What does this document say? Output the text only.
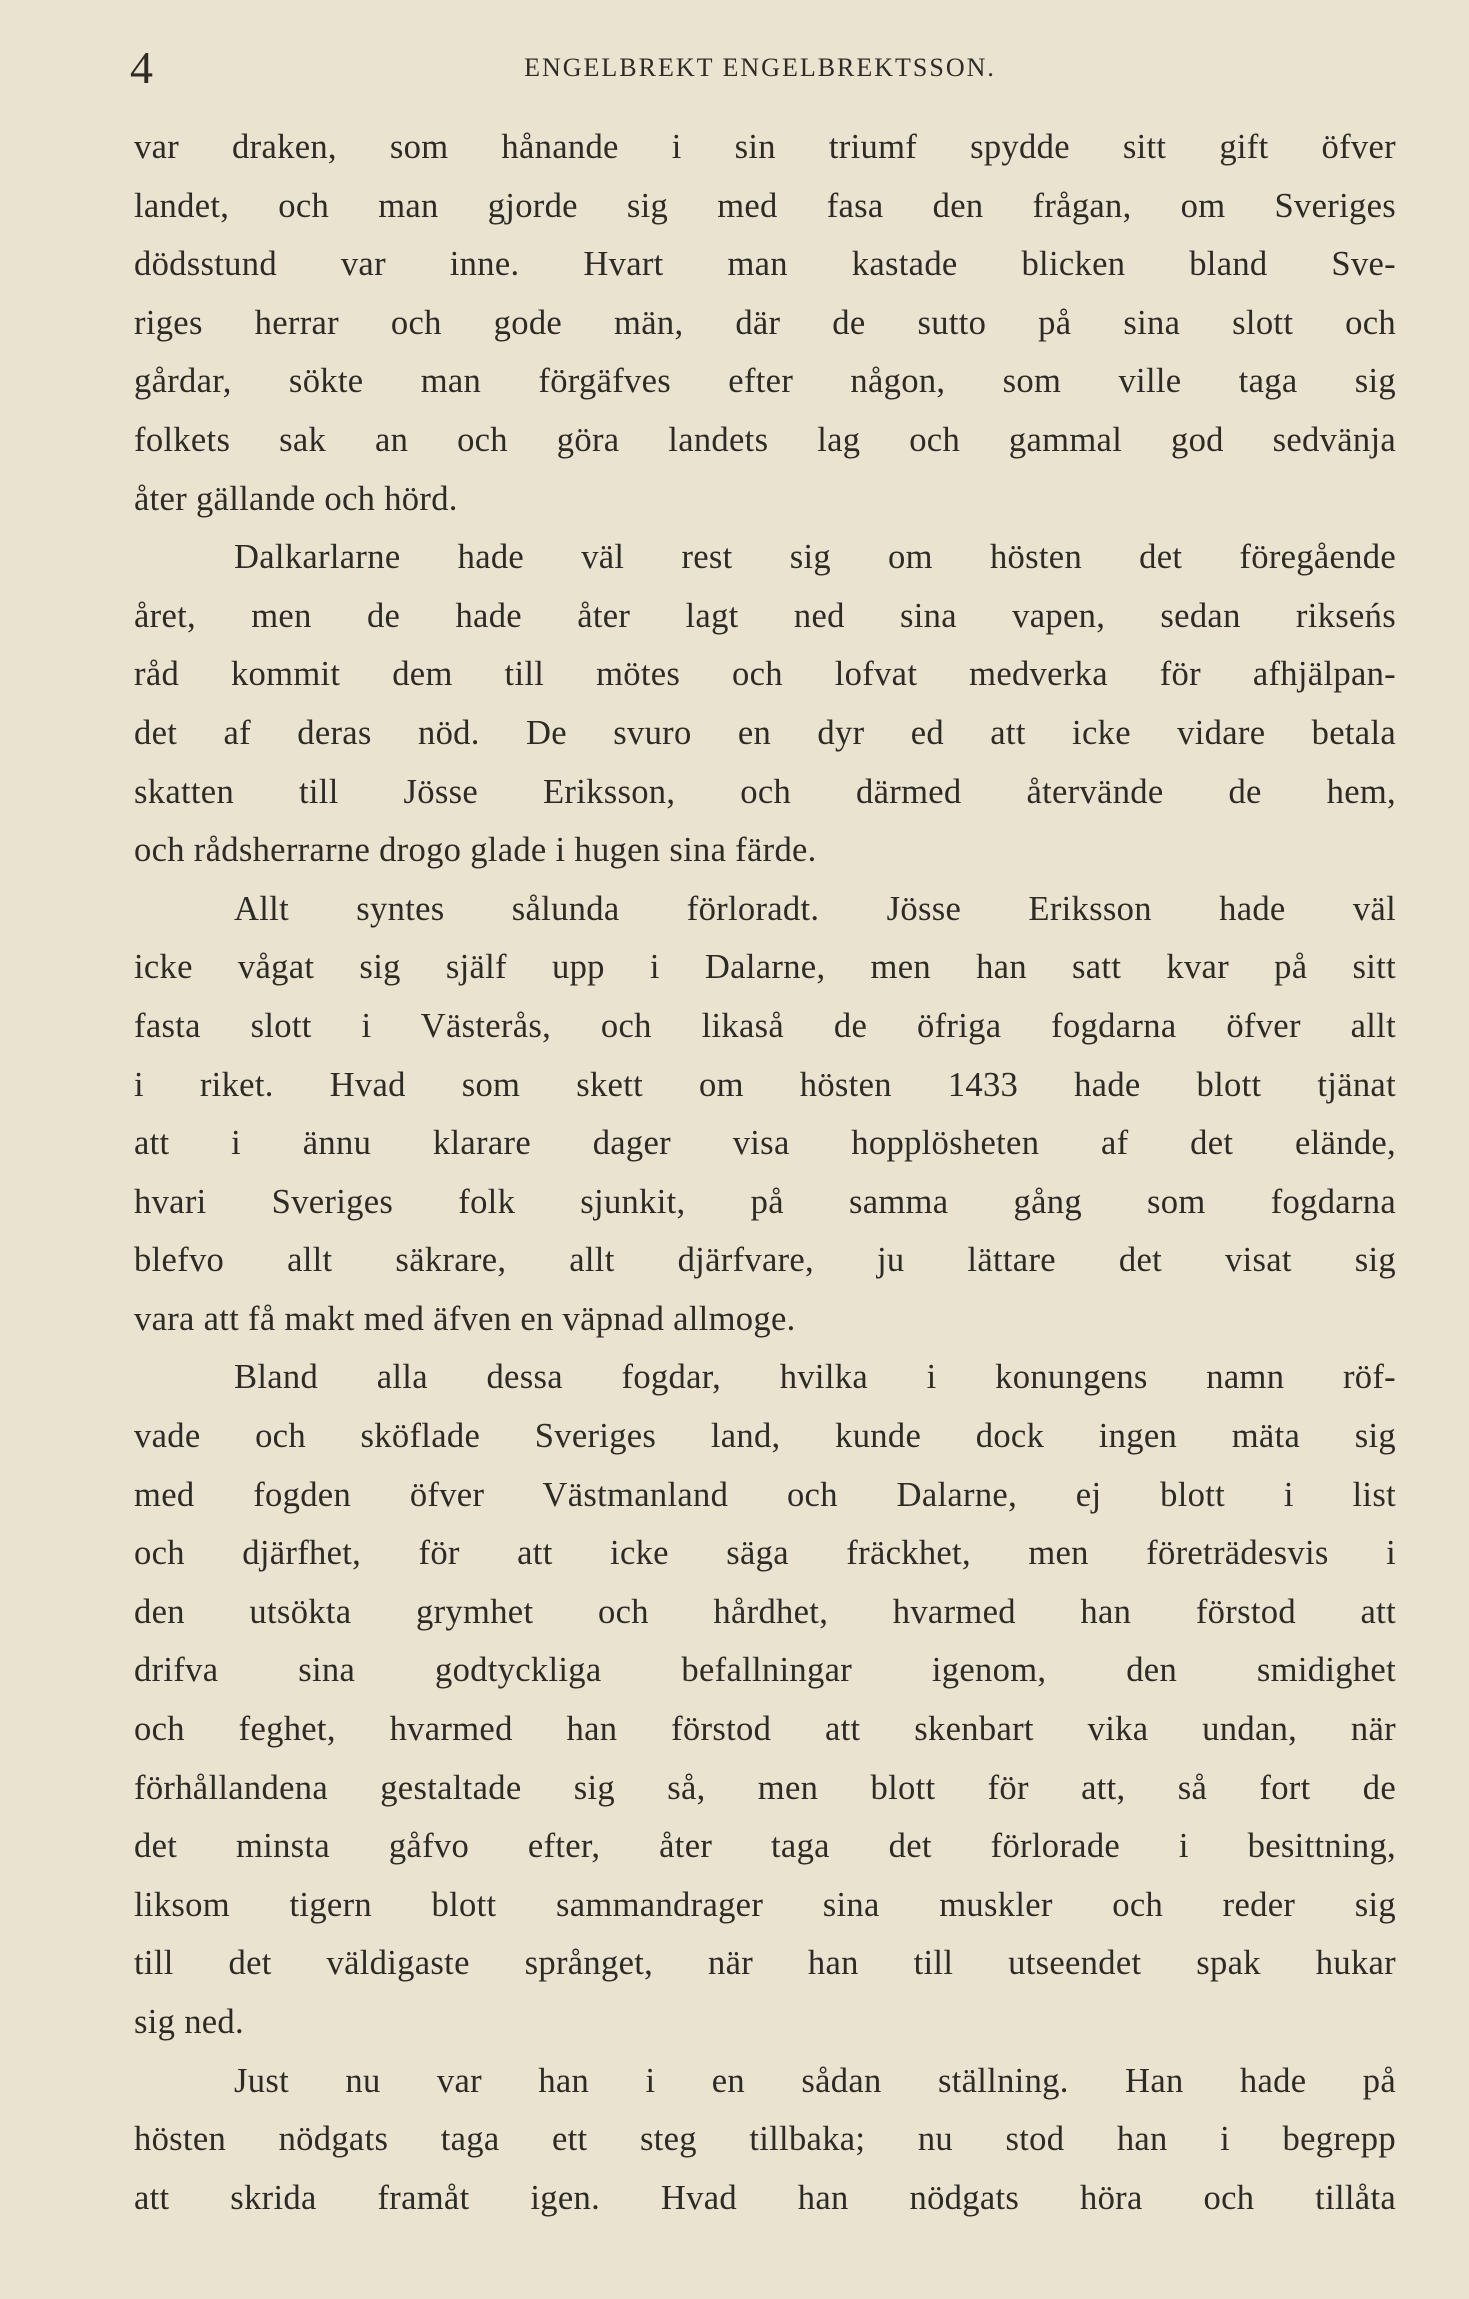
4	ENGELBREKT ENGELBREKTSSON.
var draken, som hånande i sin triumf spydde sitt gift öfver
landet, och man gjorde sig med fasa den frågan, om Sveriges
dödsstund var inne. Hvart man kastade blicken bland Sve-
riges herrar och gode män, där de sutto på sina slott och
gårdar, sökte man förgäfves efter någon, som ville taga sig
folkets sak an och göra landets lag och gammal god sedvänja
åter gällande och hörd.
Dalkarlarne hade väl rest sig om hösten det föregående
året, men de hade åter lagt ned sina vapen, sedan rikseńs
råd kommit dem till mötes och lofvat medverka för afhjälpan-
det af deras nöd. De svuro en dyr ed att icke vidare betala
skatten till Jösse Eriksson, och därmed återvände de hem,
och rådsherrarne drogo glade i hugen sina färde.
Allt syntes sålunda förloradt. Jösse Eriksson hade väl
icke vågat sig själf upp i Dalarne, men han satt kvar på sitt
fasta slott i Västerås, och likaså de öfriga fogdarna öfver allt
i riket. Hvad som skett om hösten 1433 hade blott tjänat
att i ännu klarare dager visa hopplösheten af det elände,
hvari Sveriges folk sjunkit, på samma gång som fogdarna
blefvo allt säkrare, allt djärfvare, ju lättare det visat sig
vara att få makt med äfven en väpnad allmoge.
Bland alla dessa fogdar, hvilka i konungens namn röf-
vade och sköflade Sveriges land, kunde dock ingen mäta sig
med fogden öfver Västmanland och Dalarne, ej blott i list
och djärfhet, för att icke säga fräckhet, men företrädesvis i
den utsökta grymhet och hårdhet, hvarmed han förstod att
drifva sina godtyckliga befallningar igenom, den smidighet
och feghet, hvarmed han förstod att skenbart vika undan, när
förhållandena gestaltade sig så, men blott för att, så fort de
det minsta gåfvo efter, åter taga det förlorade i besittning,
liksom tigern blott sammandrager sina muskler och reder sig
till det väldigaste språnget, när han till utseendet spak hukar
sig ned.
Just nu var han i en sådan ställning. Han hade på
hösten nödgats taga ett steg tillbaka; nu stod han i begrepp
att skrida framåt igen. Hvad han nödgats höra och tillåta
